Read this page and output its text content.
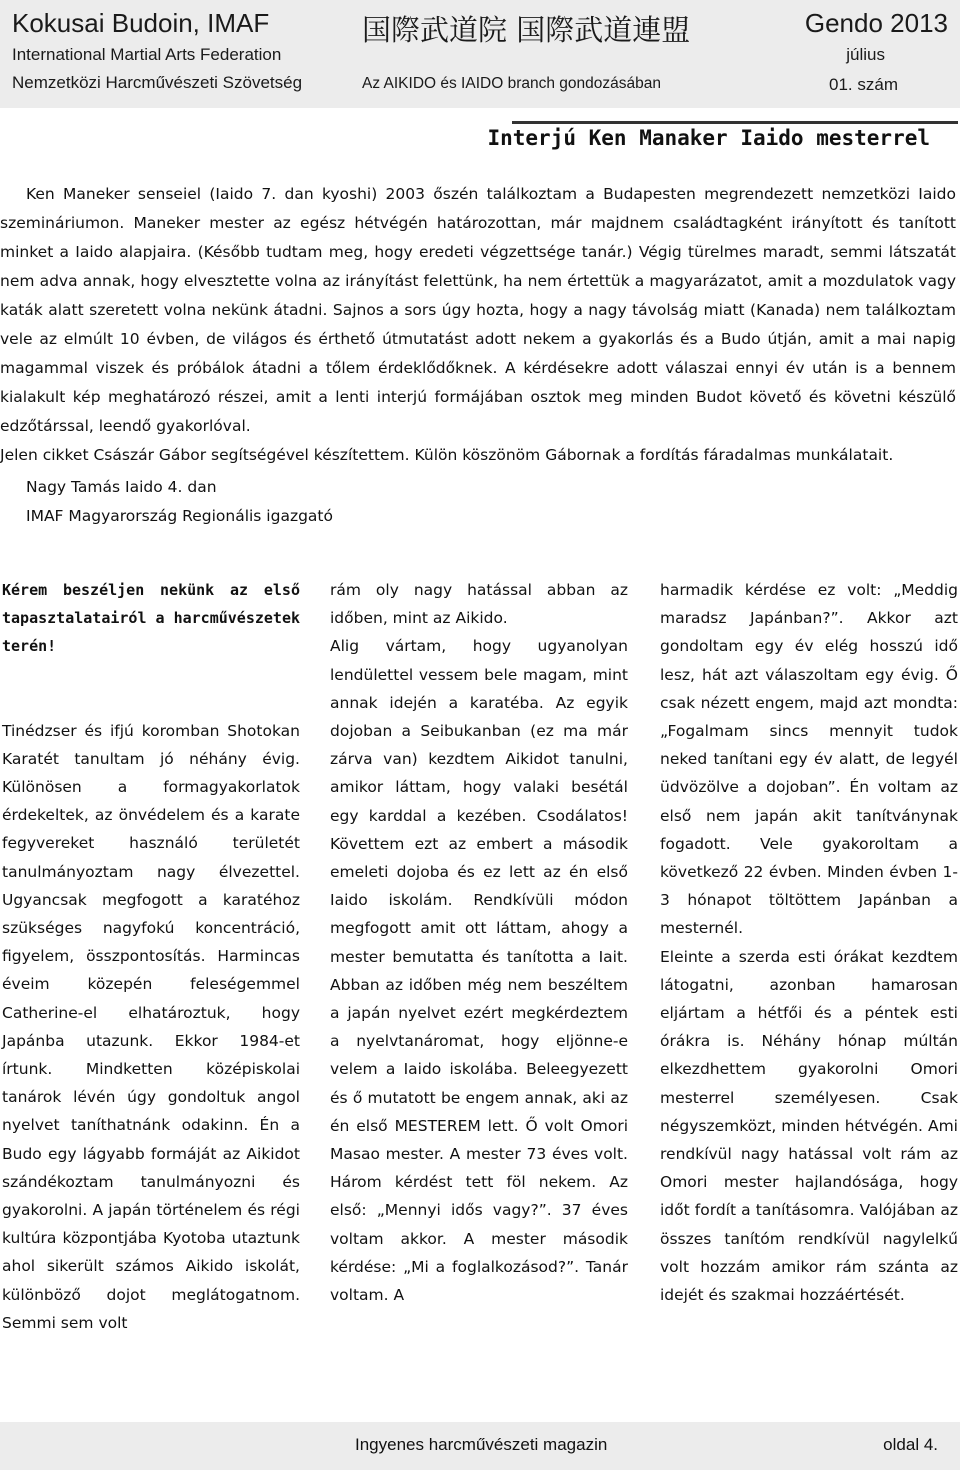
Kokusai Budoin, IMAF
International Martial Arts Federation
Nemzetközi Harcművészeti Szövetség
国際武道院 国際武道連盟
Az AIKIDO és IAIDO branch gondozásában
Gendo 2013
július
01. szám
Interjú Ken Manaker Iaido mesterrel

Ken Maneker senseiel (Iaido 7. dan kyoshi) 2003 őszén találkoztam a Budapesten megrendezett nemzetközi Iaido szemináriumon. Maneker mester az egész hétvégén határozottan, már majdnem családtagként irányított és tanított minket a Iaido alapjaira. (Később tudtam meg, hogy eredeti végzettsége tanár.) Végig türelmes maradt, semmi látszatát nem adva annak, hogy elvesztette volna az irányítást felettünk, ha nem értettük a magyarázatot, amit a mozdulatok vagy katák alatt szeretett volna nekünk átadni. Sajnos a sors úgy hozta, hogy a nagy távolság miatt (Kanada) nem találkoztam vele az elmúlt 10 évben, de világos és érthető útmutatást adott nekem a gyakorlás és a Budo útján, amit a mai napig magammal viszek és próbálok átadni a tőlem érdeklődőknek. A kérdésekre adott válaszai ennyi év után is a bennem kialakult kép meghatározó részei, amit a lenti interjú formájában osztok meg minden Budot követő és követni készülő edzőtárssal, leendő gyakorlóval.

Jelen cikket Császár Gábor segítségével készítettem. Külön köszönöm Gábornak a fordítás fáradalmas munkálatait.

Nagy Tamás Iaido 4. dan
IMAF Magyarország Regionális igazgató

Kérem beszéljen nekünk az első tapasztalatairól a harcművészetek terén!

Tinédzser és ifjú koromban Shotokan Karatét tanultam jó néhány évig. Különösen a formagyakorlatok érdekeltek, az önvédelem és a karate fegyvereket használó területét tanulmányoztam nagy élvezettel. Ugyancsak megfogott a karatéhoz szükséges nagyfokú koncentráció, figyelem, összpontosítás. Harmincas éveim közepén feleségemmel Catherine-el elhatároztuk, hogy Japánba utazunk. Ekkor 1984-et írtunk. Mindketten középiskolai tanárok lévén úgy gondoltuk angol nyelvet taníthatnánk odakinn. Én a Budo egy lágyabb formáját az Aikidot szándékoztam tanulmányozni és gyakorolni. A japán történelem és régi kultúra központjába Kyotoba utaztunk ahol sikerült számos Aikido iskolát, különböző dojot meglátogatnom. Semmi sem volt

rám oly nagy hatással abban az időben, mint az Aikido.

Alig vártam, hogy ugyanolyan lendülettel vessem bele magam, mint annak idején a karatéba. Az egyik dojoban a Seibukanban (ez ma már zárva van) kezdtem Aikidot tanulni, amikor láttam, hogy valaki besétál egy karddal a kezében. Csodálatos! Követtem ezt az embert a második emeleti dojoba és ez lett az én első Iaido iskolám. Rendkívüli módon megfogott amit ott láttam, ahogy a mester bemutatta és tanította a Iait. Abban az időben még nem beszéltem a japán nyelvet ezért megkérdeztem a nyelvtanáromat, hogy eljönne-e velem a Iaido iskolába. Beleegyezett és ő mutatott be engem annak, aki az én első MESTEREM lett. Ő volt Omori Masao mester. A mester 73 éves volt. Három kérdést tett föl nekem. Az első: „Mennyi idős vagy?”. 37 éves voltam akkor. A mester második kérdése: „Mi a foglalkozásod?”. Tanár voltam. A

harmadik kérdése ez volt: „Meddig maradsz Japánban?”. Akkor azt gondoltam egy év elég hosszú idő lesz, hát azt válaszoltam egy évig. Ő csak nézett engem, majd azt mondta: „Fogalmam sincs mennyit tudok neked tanítani egy év alatt, de legyél üdvözölve a dojoban”. Én voltam az első nem japán akit tanítványnak fogadott. Vele gyakoroltam a következő 22 évben. Minden évben 1-3 hónapot töltöttem Japánban a mesternél.

Eleinte a szerda esti órákat kezdtem látogatni, azonban hamarosan eljártam a hétfői és a péntek esti órákra is. Néhány hónap múltán elkezdhettem gyakorolni Omori mesterrel személyesen. Csak négyszemközt, minden hétvégén. Ami rendkívül nagy hatással volt rám az Omori mester hajlandósága, hogy időt fordít a tanításomra. Valójában az összes tanítóm rendkívül nagylelkű volt hozzám amikor rám szánta az idejét és szakmai hozzáértését.

Ingyenes harcművészeti magazin	oldal 4.
